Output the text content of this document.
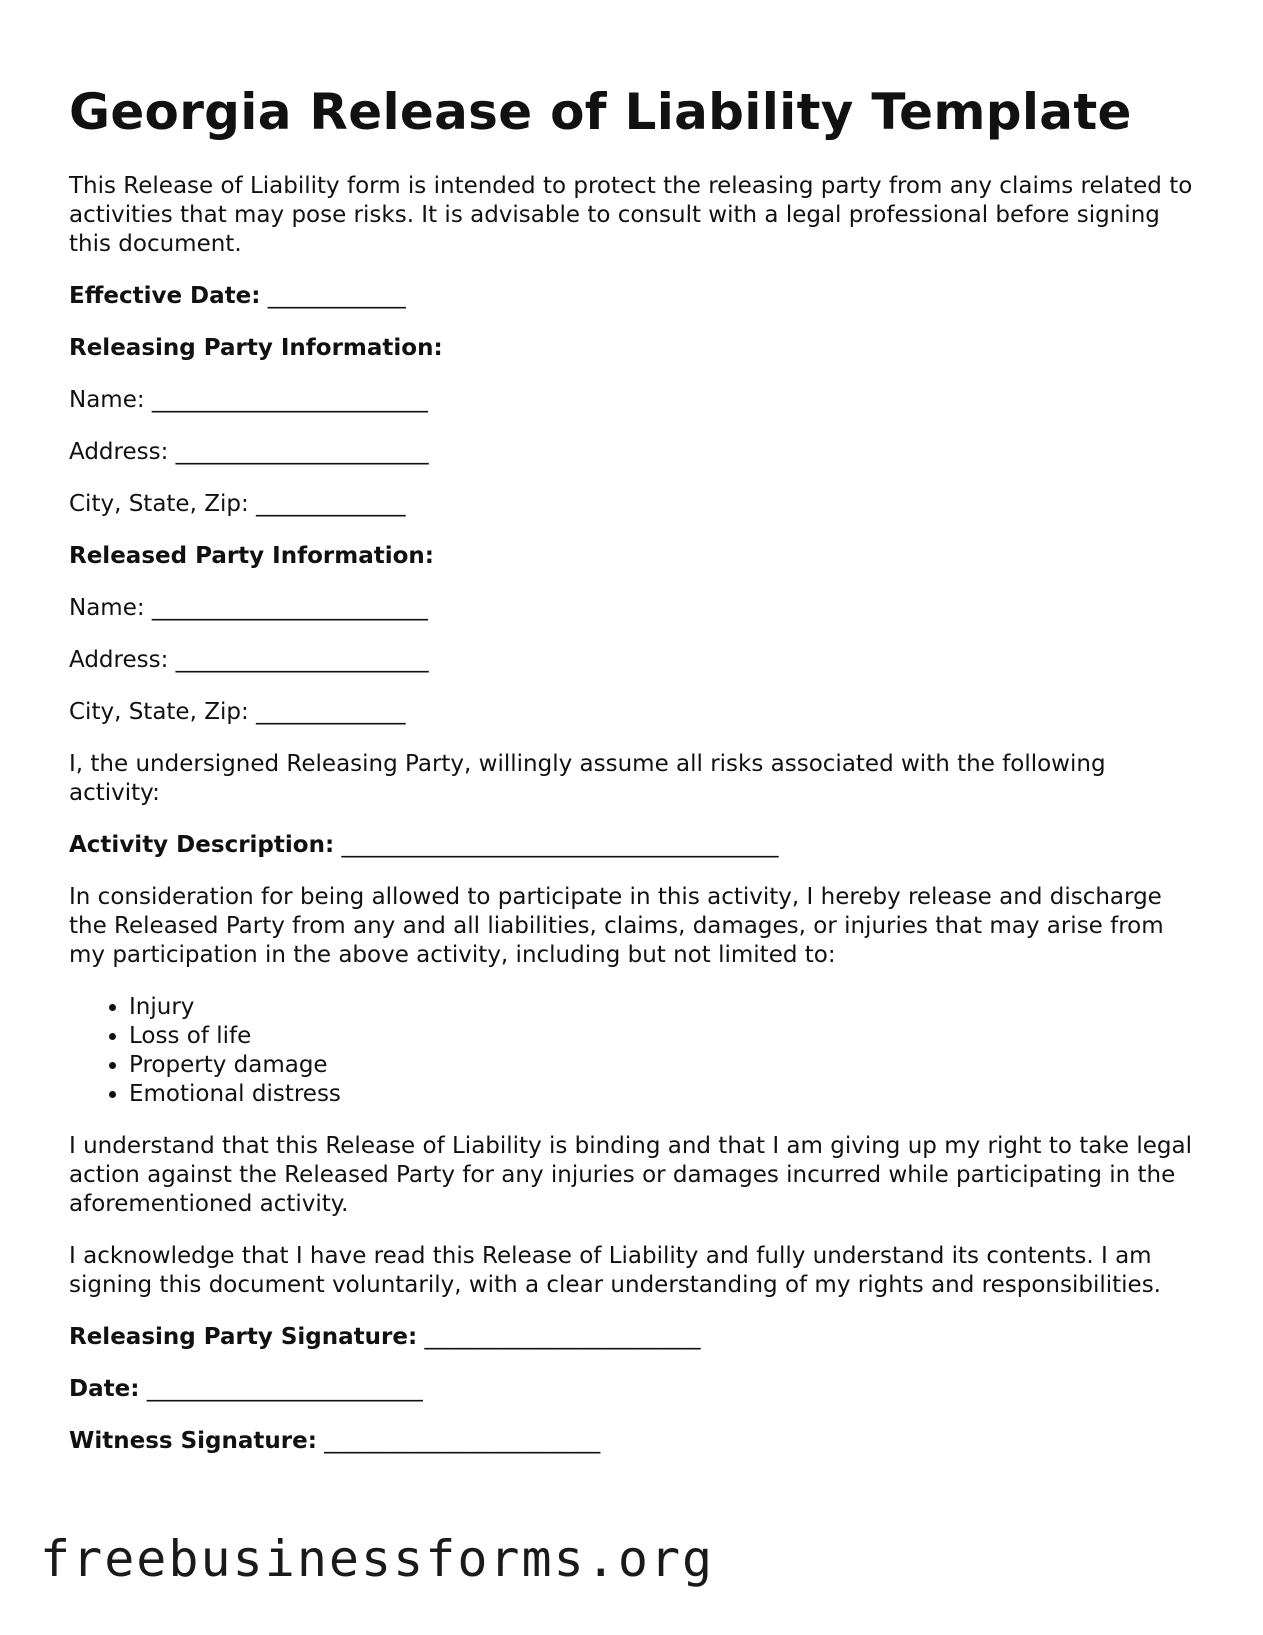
Georgia Release of Liability Template

This Release of Liability form is intended to protect the releasing party from any claims related to activities that may pose risks. It is advisable to consult with a legal professional before signing this document.

Effective Date: ____________
Releasing Party Information:
Name: ________________________
Address: ______________________
City, State, Zip: _____________
Released Party Information:
Name: ________________________
Address: ______________________
City, State, Zip: _____________

I, the undersigned Releasing Party, willingly assume all risks associated with the following activity:

Activity Description: ______________________________________

In consideration for being allowed to participate in this activity, I hereby release and discharge the Released Party from any and all liabilities, claims, damages, or injuries that may arise from my participation in the above activity, including but not limited to:

• Injury
• Loss of life
• Property damage
• Emotional distress

I understand that this Release of Liability is binding and that I am giving up my right to take legal action against the Released Party for any injuries or damages incurred while participating in the aforementioned activity.

I acknowledge that I have read this Release of Liability and fully understand its contents. I am signing this document voluntarily, with a clear understanding of my rights and responsibilities.

Releasing Party Signature: ________________________
Date: ________________________
Witness Signature: ________________________
freebusinessforms.org
